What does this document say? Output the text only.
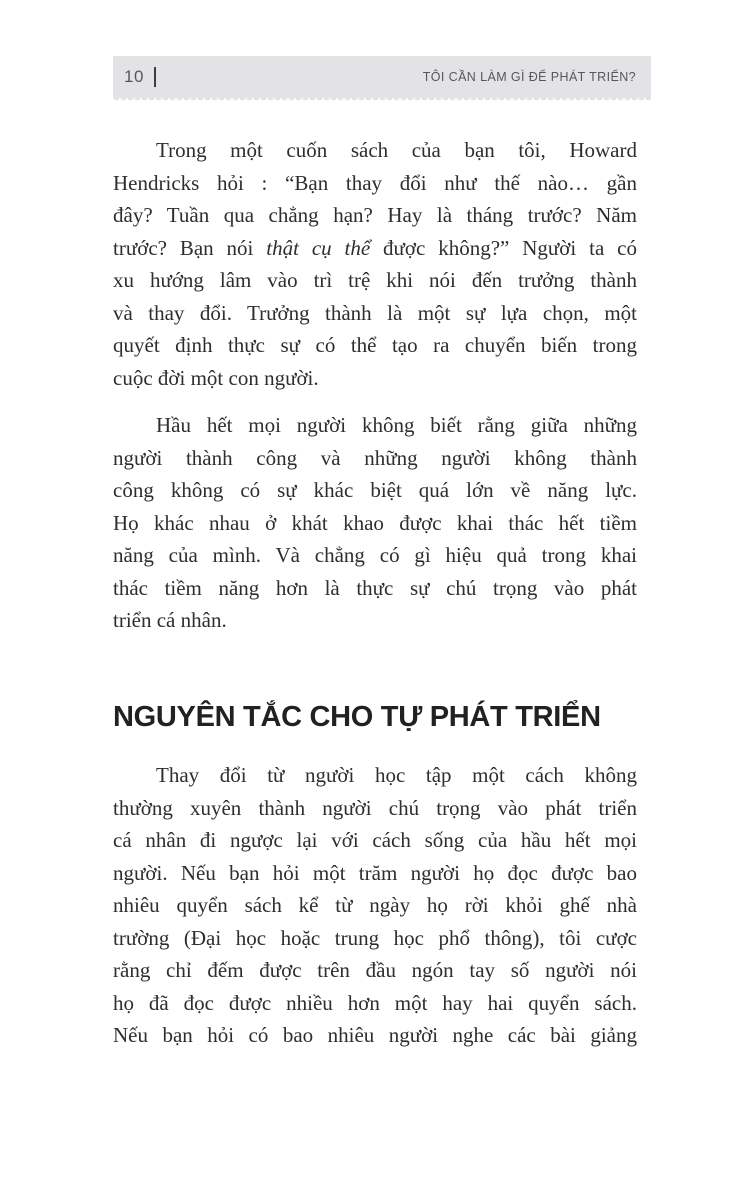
10	TÔI CẦN LÀM GÌ ĐỂ PHÁT TRIỂN?
Trong một cuốn sách của bạn tôi, Howard
Hendricks hỏi : “Bạn thay đổi như thế nào… gần
đây? Tuần qua chẳng hạn? Hay là tháng trước? Năm
trước? Bạn nói thật cụ thể được không?” Người ta có
xu hướng lâm vào trì trệ khi nói đến trưởng thành
và thay đổi. Trưởng thành là một sự lựa chọn, một
quyết định thực sự có thể tạo ra chuyển biến trong
cuộc đời một con người.
Hầu hết mọi người không biết rằng giữa những
người thành công và những người không thành
công không có sự khác biệt quá lớn về năng lực.
Họ khác nhau ở khát khao được khai thác hết tiềm
năng của mình. Và chẳng có gì hiệu quả trong khai
thác tiềm năng hơn là thực sự chú trọng vào phát
triển cá nhân.
NGUYÊN TẮC CHO TỰ PHÁT TRIỂN
Thay đổi từ người học tập một cách không
thường xuyên thành người chú trọng vào phát triển
cá nhân đi ngược lại với cách sống của hầu hết mọi
người. Nếu bạn hỏi một trăm người họ đọc được bao
nhiêu quyển sách kể từ ngày họ rời khỏi ghế nhà
trường (Đại học hoặc trung học phổ thông), tôi cược
rằng chỉ đếm được trên đầu ngón tay số người nói
họ đã đọc được nhiều hơn một hay hai quyển sách.
Nếu bạn hỏi có bao nhiêu người nghe các bài giảng
